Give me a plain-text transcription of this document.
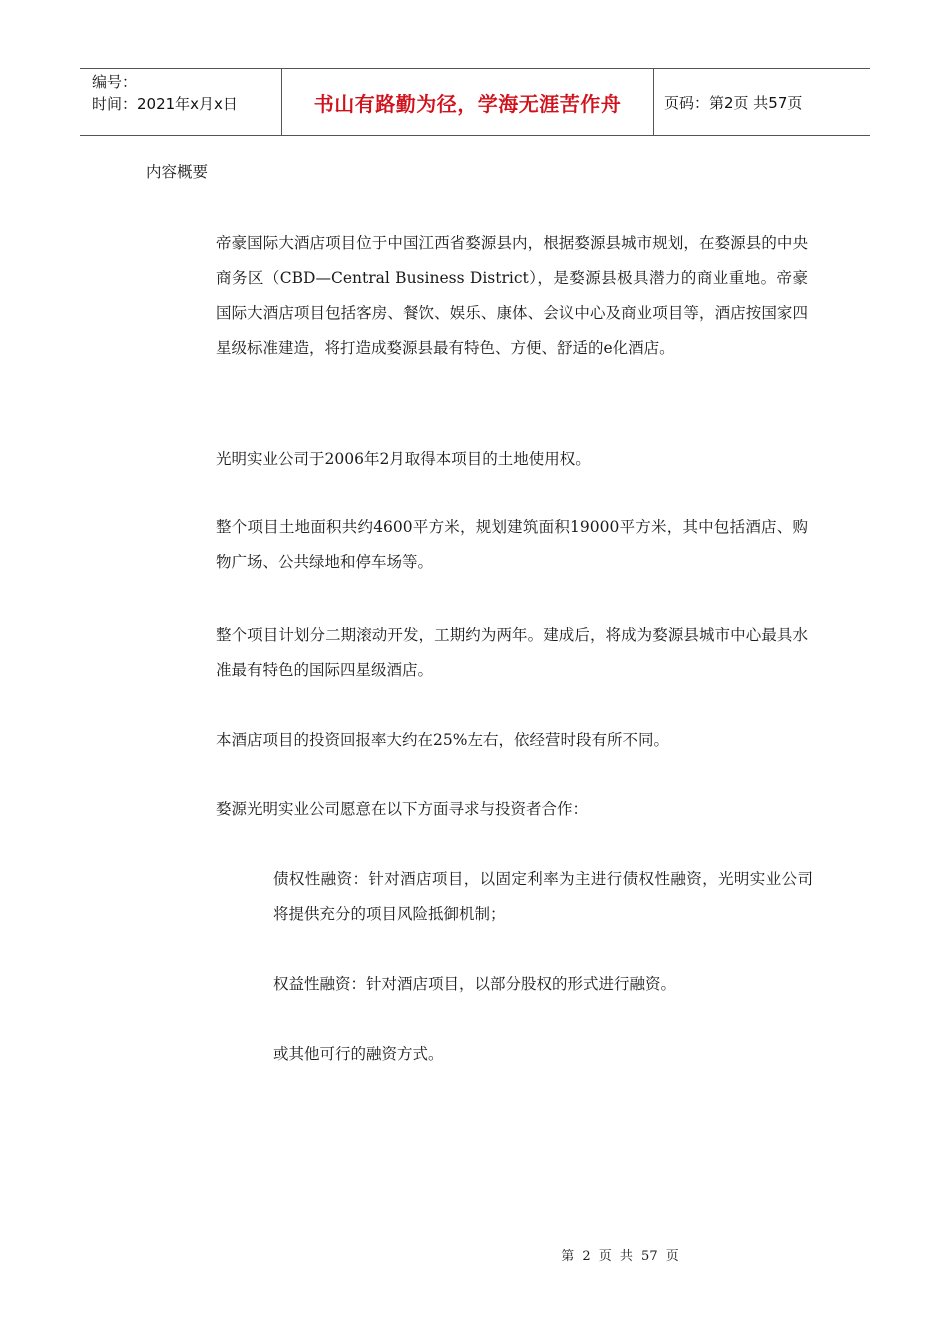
编号：
时间：2021年x月x日	书山有路勤为径，学海无涯苦作舟	页码：第2页 共57页

内容概要

帝豪国际大酒店项目位于中国江西省婺源县内，根据婺源县城市规划，在婺源县的中央商务区（CBD—Central Business District），是婺源县极具潜力的商业重地。帝豪国际大酒店项目包括客房、餐饮、娱乐、康体、会议中心及商业项目等，酒店按国家四星级标准建造，将打造成婺源县最有特色、方便、舒适的e化酒店。

光明实业公司于2006年2月取得本项目的土地使用权。

整个项目土地面积共约4600平方米，规划建筑面积19000平方米，其中包括酒店、购物广场、公共绿地和停车场等。

整个项目计划分二期滚动开发，工期约为两年。建成后，将成为婺源县城市中心最具水准最有特色的国际四星级酒店。

本酒店项目的投资回报率大约在25%左右，依经营时段有所不同。

婺源光明实业公司愿意在以下方面寻求与投资者合作：

债权性融资：针对酒店项目，以固定利率为主进行债权性融资，光明实业公司将提供充分的项目风险抵御机制；

权益性融资：针对酒店项目，以部分股权的形式进行融资。

或其他可行的融资方式。

第 2 页 共 57 页
